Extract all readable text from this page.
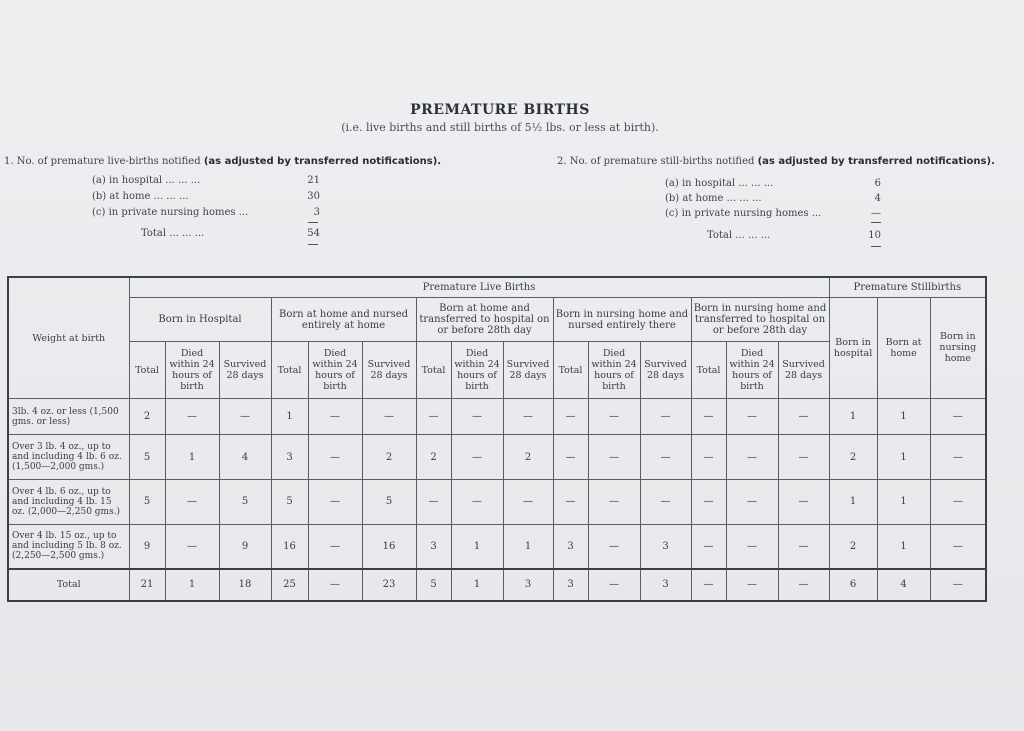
PREMATURE BIRTHS
(i.e. live births and still births of 5½ lbs. or less at birth).
1. No. of premature live-births notified (as adjusted by transferred notifications).
(a) in hospital ... ... ...	21
(b) at home ... ... ...	30
(c) in private nursing homes ...	3
Total ... ... ...	54
2. No. of premature still-births notified (as adjusted by transferred notifications).
(a) in hospital ... ... ...	6
(b) at home ... ... ...	4
(c) in private nursing homes ...	—
Total ... ... ...	10
Weight at birth	Premature Live Births															Premature Stillbirths		
	Born in Hospital			Born at home and nursed entirely at home			Born at home and transferred to hospital on or before 28th day			Born in nursing home and nursed entirely there			Born in nursing home and transferred to hospital on or before 28th day			Born in hospital	Born at home	Born in nursing home
	Total	Died within 24 hours of birth	Survived 28 days	Total	Died within 24 hours of birth	Survived 28 days	Total	Died within 24 hours of birth	Survived 28 days	Total	Died within 24 hours of birth	Survived 28 days	Total	Died within 24 hours of birth	Survived 28 days			
3lb. 4 oz. or less (1,500 gms. or less)	2	—	—	1	—	—	—	—	—	—	—	—	—	—	—	1	1	—
Over 3 lb. 4 oz., up to and including 4 lb. 6 oz. (1,500—2,000 gms.)	5	1	4	3	—	2	2	—	2	—	—	—	—	—	—	2	1	—
Over 4 lb. 6 oz., up to and including 4 lb. 15 oz. (2,000—2,250 gms.)	5	—	5	5	—	5	—	—	—	—	—	—	—	—	—	1	1	—
Over 4 lb. 15 oz., up to and including 5 lb. 8 oz. (2,250—2,500 gms.)	9	—	9	16	—	16	3	1	1	3	—	3	—	—	—	2	1	—
Total	21	1	18	25	—	23	5	1	3	3	—	3	—	—	—	6	4	—
